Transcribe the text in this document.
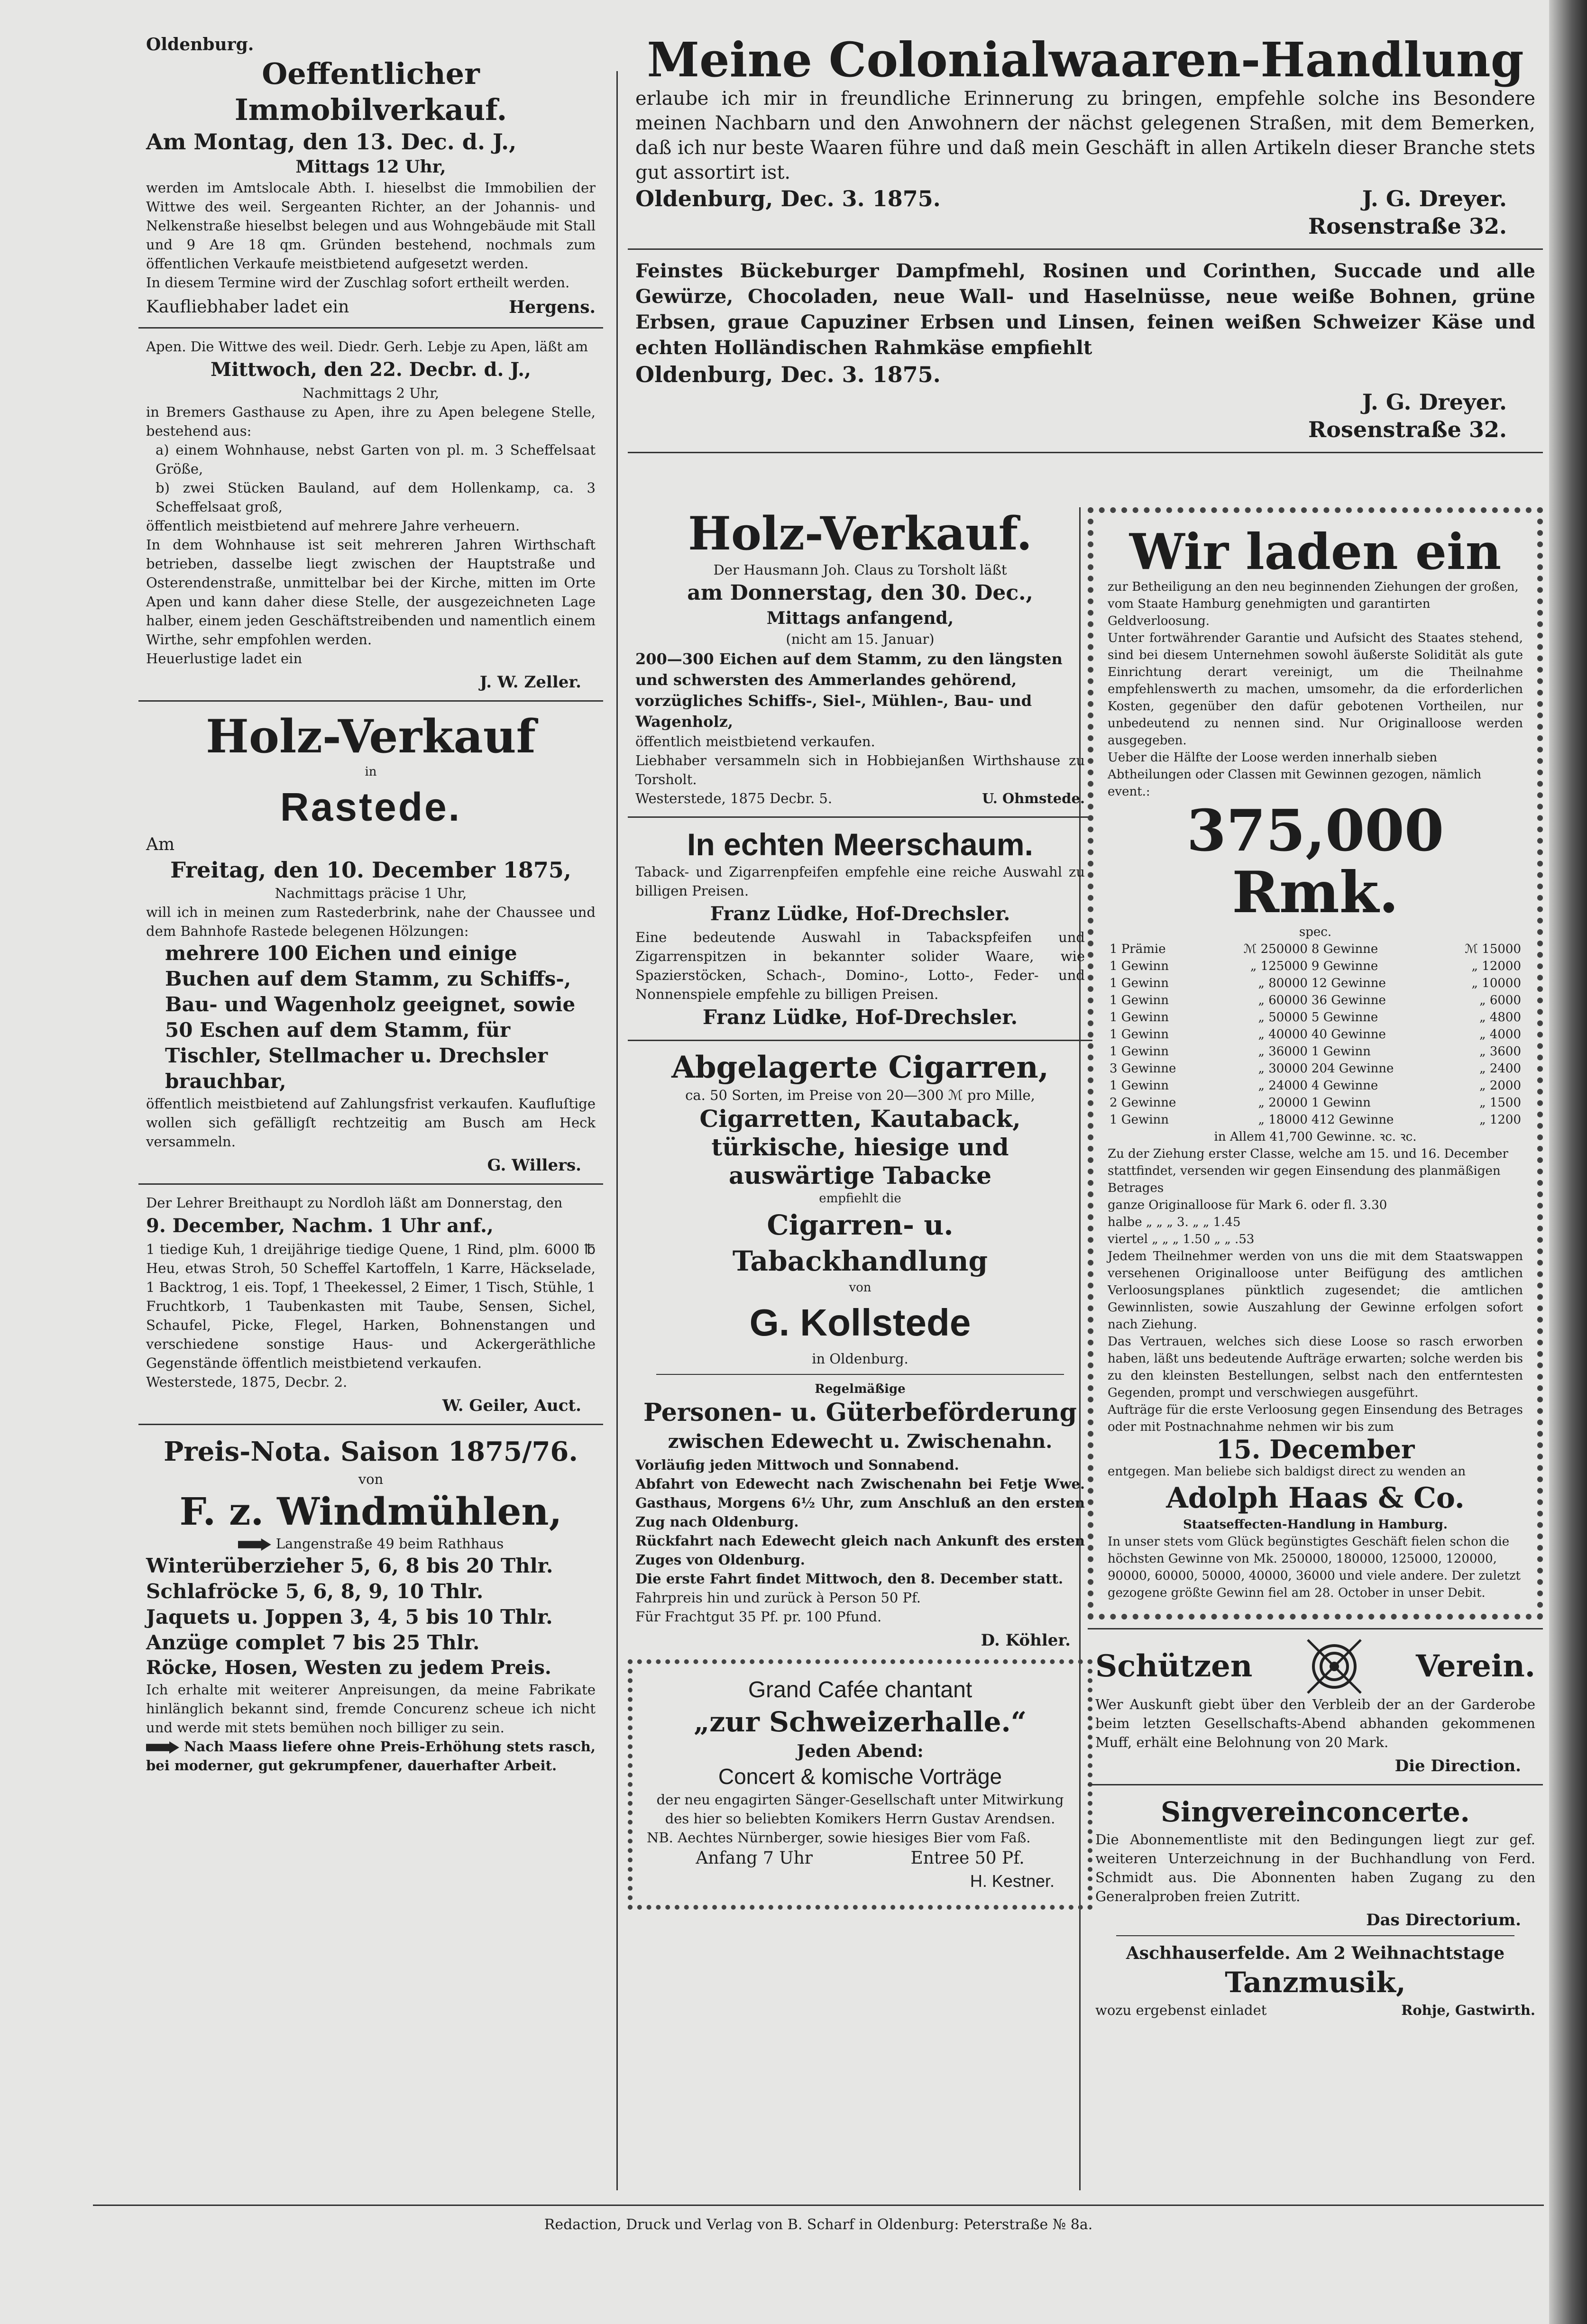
Oldenburg.

Oeffentlicher Immobilverkauf.

Am Montag, den 13. Dec. d. J.,

Mittags 12 Uhr,

werden im Amtslocale Abth. I. hieselbst die Immobilien der Wittwe des weil. Sergeanten Richter, an der Johannis- und Nelkenstraße hieselbst belegen und aus Wohngebäude mit Stall und 9 Are 18 qm. Gründen bestehend, nochmals zum öffentlichen Verkaufe meistbietend aufgesetzt werden.

In diesem Termine wird der Zuschlag sofort ertheilt werden.

Kaufliebhaber ladet ein	Hergens.

Apen. Die Wittwe des weil. Diedr. Gerh. Lebje zu Apen, läßt am

Mittwoch, den 22. Decbr. d. J.,

Nachmittags 2 Uhr,

in Bremers Gasthause zu Apen, ihre zu Apen belegene Stelle, bestehend aus:

a) einem Wohnhause, nebst Garten von pl. m. 3 Scheffelsaat Größe,

b) zwei Stücken Bauland, auf dem Hollenkamp, ca. 3 Scheffelsaat groß,

öffentlich meistbietend auf mehrere Jahre verheuern.

In dem Wohnhause ist seit mehreren Jahren Wirthschaft betrieben, dasselbe liegt zwischen der Hauptstraße und Osterendenstraße, unmittelbar bei der Kirche, mitten im Orte Apen und kann daher diese Stelle, der ausgezeichneten Lage halber, einem jeden Geschäftstreibenden und namentlich einem Wirthe, sehr empfohlen werden.

Heuerlustige ladet ein

J. W. Zeller.

Holz-Verkauf

in

Rastede.

Am

Freitag, den 10. December 1875,

Nachmittags präcise 1 Uhr,

will ich in meinen zum Rastederbrink, nahe der Chaussee und dem Bahnhofe Rastede belegenen Hölzungen:

mehrere 100 Eichen und einige Buchen auf dem Stamm, zu Schiffs-, Bau- und Wagenholz geeignet, sowie

50 Eschen auf dem Stamm, für Tischler, Stellmacher u. Drechsler brauchbar,

öffentlich meistbietend auf Zahlungsfrist verkaufen. Kaufluſtige wollen sich gefälligſt rechtzeitig am Busch am Heck versammeln.

G. Willers.

Der Lehrer Breithaupt zu Nordloh läßt am Donnerstag, den

9. December, Nachm. 1 Uhr anf.,

1 tiedige Kuh, 1 dreijährige tiedige Quene, 1 Rind, plm. 6000 ℔ Heu, etwas Stroh, 50 Scheffel Kartoffeln, 1 Karre, Häckselade, 1 Backtrog, 1 eis. Topf, 1 Theekessel, 2 Eimer, 1 Tisch, Stühle, 1 Fruchtkorb, 1 Taubenkasten mit Taube, Sensen, Sichel, Schaufel, Picke, Flegel, Harken, Bohnenstangen und verschiedene sonstige Haus- und Ackergeräthliche Gegenstände öffentlich meistbietend verkaufen.

Westerstede, 1875, Decbr. 2.

W. Geiler, Auct.

Preis-Nota. Saison 1875/76.

von

F. z. Windmühlen,

Langenstraße 49 beim Rathhaus

Winterüberzieher 5, 6, 8 bis 20 Thlr.

Schlafröcke 5, 6, 8, 9, 10 Thlr.

Jaquets u. Joppen 3, 4, 5 bis 10 Thlr.

Anzüge complet 7 bis 25 Thlr.

Röcke, Hosen, Westen zu jedem Preis.

Ich erhalte mit weiterer Anpreisungen, da meine Fabrikate hinlänglich bekannt sind, fremde Concurenz scheue ich nicht und werde mit stets bemühen noch billiger zu sein.

Nach Maass liefere ohne Preis-Erhöhung stets rasch, bei moderner, gut gekrumpfener, dauerhafter Arbeit.

Meine Colonialwaaren-Handlung

erlaube ich mir in freundliche Erinnerung zu bringen, empfehle solche ins Besondere meinen Nachbarn und den Anwohnern der nächst gelegenen Straßen, mit dem Bemerken, daß ich nur beste Waaren führe und daß mein Geschäft in allen Artikeln dieser Branche stets gut assortirt ist.

Oldenburg, Dec. 3. 1875.	J. G. Dreyer.

Rosenstraße 32.

Feinstes Bückeburger Dampfmehl, Rosinen und Corinthen, Succade und alle Gewürze, Chocoladen, neue Wall- und Haselnüsse, neue weiße Bohnen, grüne Erbsen, graue Capuziner Erbsen und Linsen, feinen weißen Schweizer Käse und echten Holländischen Rahmkäse empfiehlt

Oldenburg, Dec. 3. 1875.

J. G. Dreyer.

Rosenstraße 32.

Holz-Verkauf.

Der Hausmann Joh. Claus zu Torsholt läßt

am Donnerstag, den 30. Dec.,

Mittags anfangend,

(nicht am 15. Januar)

200—300 Eichen auf dem Stamm, zu den längsten und schwersten des Ammerlandes gehörend, vorzügliches Schiffs-, Siel-, Mühlen-, Bau- und Wagenholz,

öffentlich meistbietend verkaufen.

Liebhaber versammeln sich in Hobbiejanßen Wirthshause zu Torsholt.

Westerstede, 1875 Decbr. 5.	U. Ohmstede.

In echten Meerschaum.

Taback- und Zigarrenpfeifen empfehle eine reiche Auswahl zu billigen Preisen.

Franz Lüdke, Hof-Drechsler.

Eine bedeutende Auswahl in Tabackspfeifen und Zigarrenspitzen in bekannter solider Waare, wie Spazierstöcken, Schach-, Domino-, Lotto-, Feder- und Nonnenspiele empfehle zu billigen Preisen.

Franz Lüdke, Hof-Drechsler.

Abgelagerte Cigarren,

ca. 50 Sorten, im Preise von 20—300 ℳ pro Mille,

Cigarretten, Kautaback, türkische, hiesige und auswärtige Tabacke

empfiehlt die

Cigarren- u. Tabackhandlung

von

G. Kollstede

in Oldenburg.

Regelmäßige

Personen- u. Güterbeförderung

zwischen Edewecht u. Zwischenahn.

Vorläufig jeden Mittwoch und Sonnabend.

Abfahrt von Edewecht nach Zwischenahn bei Fetje Wwe. Gasthaus, Morgens 6½ Uhr, zum Anschluß an den ersten Zug nach Oldenburg.

Rückfahrt nach Edewecht gleich nach Ankunft des ersten Zuges von Oldenburg.

Die erste Fahrt findet Mittwoch, den 8. December statt.

Fahrpreis hin und zurück à Person 50 Pf.

Für Frachtgut 35 Pf. pr. 100 Pfund.

D. Köhler.

Grand Cafée chantant

„zur Schweizerhalle.“

Jeden Abend:

Concert & komische Vorträge

der neu engagirten Sänger-Gesellschaft unter Mitwirkung des hier so beliebten Komikers Herrn Gustav Arendsen.

NB. Aechtes Nürnberger, sowie hiesiges Bier vom Faß.

Anfang 7 Uhr	Entree 50 Pf.

H. Kestner.

Wir laden ein

zur Betheiligung an den neu beginnenden Ziehungen der großen, vom Staate Hamburg genehmigten und garantirten Geldverloosung.

Unter fortwährender Garantie und Aufsicht des Staates stehend, sind bei diesem Unternehmen sowohl äußerste Solidität als gute Einrichtung derart vereinigt, um die Theilnahme empfehlenswerth zu machen, umsomehr, da die erforderlichen Kosten, gegenüber den dafür gebotenen Vortheilen, nur unbedeutend zu nennen sind. Nur Originalloose werden ausgegeben.

Ueber die Hälfte der Loose werden innerhalb sieben Abtheilungen oder Classen mit Gewinnen gezogen, nämlich event.:

375,000 Rmk.

spec.

1 Prämie	ℳ 250000	8 Gewinne	ℳ 15000
1 Gewinn	„ 125000	9 Gewinne	„ 12000
1 Gewinn	„ 80000	12 Gewinne	„ 10000
1 Gewinn	„ 60000	36 Gewinne	„ 6000
1 Gewinn	„ 50000	5 Gewinne	„ 4800
1 Gewinn	„ 40000	40 Gewinne	„ 4000
1 Gewinn	„ 36000	1 Gewinn	„ 3600
3 Gewinne	„ 30000	204 Gewinne	„ 2400
1 Gewinn	„ 24000	4 Gewinne	„ 2000
2 Gewinne	„ 20000	1 Gewinn	„ 1500
1 Gewinn	„ 18000	412 Gewinne	„ 1200

in Allem 41,700 Gewinne. ꝛc. ꝛc.

Zu der Ziehung erster Classe, welche am 15. und 16. December stattfindet, versenden wir gegen Einsendung des planmäßigen Betrages

ganze Originalloose für Mark 6. oder fl. 3.30

halbe „ „ „ 3. „ „ 1.45

viertel „ „ „ 1.50 „ „ .53

Jedem Theilnehmer werden von uns die mit dem Staatswappen versehenen Originalloose unter Beifügung des amtlichen Verloosungsplanes pünktlich zugesendet; die amtlichen Gewinnlisten, sowie Auszahlung der Gewinne erfolgen sofort nach Ziehung.

Das Vertrauen, welches sich diese Loose so rasch erworben haben, läßt uns bedeutende Aufträge erwarten; solche werden bis zu den kleinsten Bestellungen, selbst nach den entferntesten Gegenden, prompt und verschwiegen ausgeführt.

Aufträge für die erste Verloosung gegen Einsendung des Betrages oder mit Postnachnahme nehmen wir bis zum

15. December

entgegen. Man beliebe sich baldigst direct zu wenden an

Adolph Haas & Co.

Staatseffecten-Handlung in Hamburg.

In unser stets vom Glück begünstigtes Geschäft fielen schon die höchsten Gewinne von Mk. 250000, 180000, 125000, 120000, 90000, 60000, 50000, 40000, 36000 und viele andere. Der zuletzt gezogene größte Gewinn fiel am 28. October in unser Debit.

Schützen	Verein.

Wer Auskunft giebt über den Verbleib der an der Garderobe beim letzten Gesellschafts-Abend abhanden gekommenen Muff, erhält eine Belohnung von 20 Mark.

Die Direction.

Singvereinconcerte.

Die Abonnementliste mit den Bedingungen liegt zur gef. weiteren Unterzeichnung in der Buchhandlung von Ferd. Schmidt aus. Die Abonnenten haben Zugang zu den Generalproben freien Zutritt.

Das Directorium.

Aschhauserfelde. Am 2 Weihnachtstage

Tanzmusik,

wozu ergebenst einladet	Rohje, Gastwirth.

Redaction, Druck und Verlag von B. Scharf in Oldenburg: Peterstraße № 8a.
